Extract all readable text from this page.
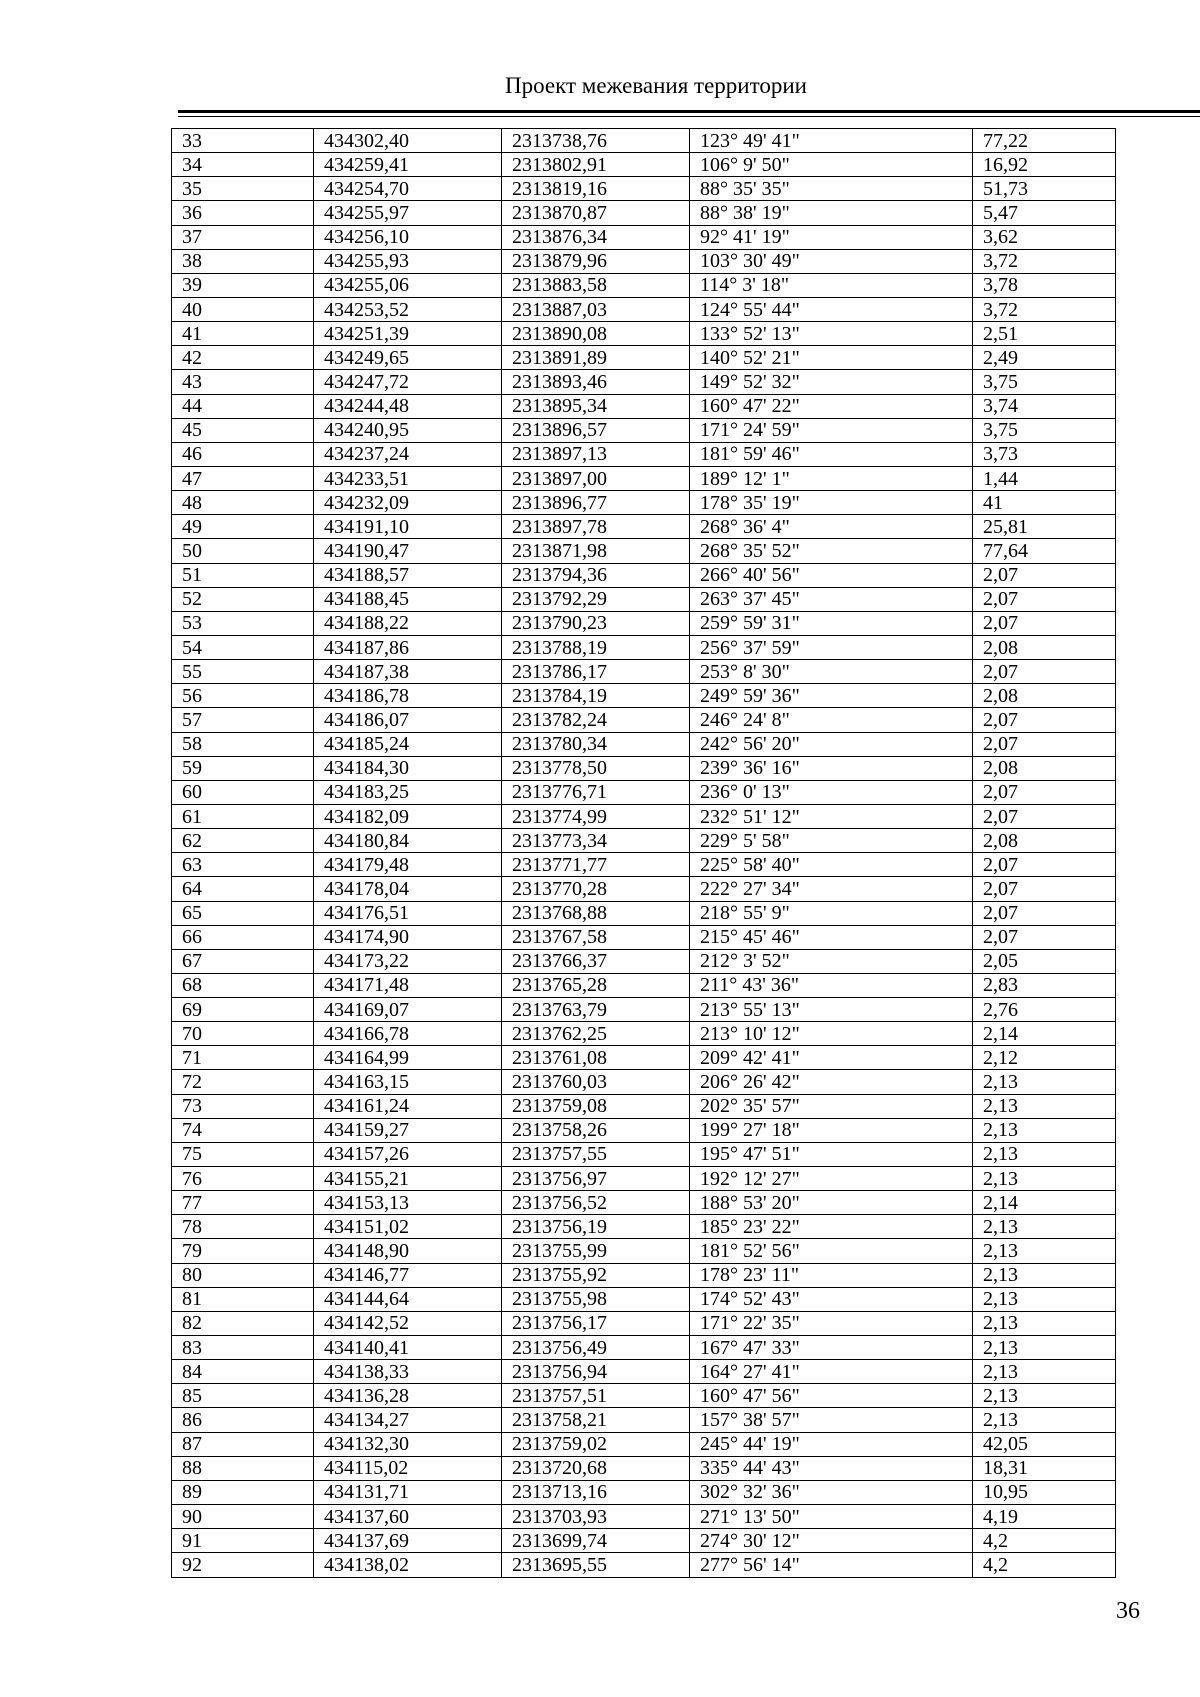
Проект межевания территории
33	434302,40	2313738,76	123° 49' 41"	77,22
34	434259,41	2313802,91	106° 9' 50"	16,92
35	434254,70	2313819,16	88° 35' 35"	51,73
36	434255,97	2313870,87	88° 38' 19"	5,47
37	434256,10	2313876,34	92° 41' 19"	3,62
38	434255,93	2313879,96	103° 30' 49"	3,72
39	434255,06	2313883,58	114° 3' 18"	3,78
40	434253,52	2313887,03	124° 55' 44"	3,72
41	434251,39	2313890,08	133° 52' 13"	2,51
42	434249,65	2313891,89	140° 52' 21"	2,49
43	434247,72	2313893,46	149° 52' 32"	3,75
44	434244,48	2313895,34	160° 47' 22"	3,74
45	434240,95	2313896,57	171° 24' 59"	3,75
46	434237,24	2313897,13	181° 59' 46"	3,73
47	434233,51	2313897,00	189° 12' 1"	1,44
48	434232,09	2313896,77	178° 35' 19"	41
49	434191,10	2313897,78	268° 36' 4"	25,81
50	434190,47	2313871,98	268° 35' 52"	77,64
51	434188,57	2313794,36	266° 40' 56"	2,07
52	434188,45	2313792,29	263° 37' 45"	2,07
53	434188,22	2313790,23	259° 59' 31"	2,07
54	434187,86	2313788,19	256° 37' 59"	2,08
55	434187,38	2313786,17	253° 8' 30"	2,07
56	434186,78	2313784,19	249° 59' 36"	2,08
57	434186,07	2313782,24	246° 24' 8"	2,07
58	434185,24	2313780,34	242° 56' 20"	2,07
59	434184,30	2313778,50	239° 36' 16"	2,08
60	434183,25	2313776,71	236° 0' 13"	2,07
61	434182,09	2313774,99	232° 51' 12"	2,07
62	434180,84	2313773,34	229° 5' 58"	2,08
63	434179,48	2313771,77	225° 58' 40"	2,07
64	434178,04	2313770,28	222° 27' 34"	2,07
65	434176,51	2313768,88	218° 55' 9"	2,07
66	434174,90	2313767,58	215° 45' 46"	2,07
67	434173,22	2313766,37	212° 3' 52"	2,05
68	434171,48	2313765,28	211° 43' 36"	2,83
69	434169,07	2313763,79	213° 55' 13"	2,76
70	434166,78	2313762,25	213° 10' 12"	2,14
71	434164,99	2313761,08	209° 42' 41"	2,12
72	434163,15	2313760,03	206° 26' 42"	2,13
73	434161,24	2313759,08	202° 35' 57"	2,13
74	434159,27	2313758,26	199° 27' 18"	2,13
75	434157,26	2313757,55	195° 47' 51"	2,13
76	434155,21	2313756,97	192° 12' 27"	2,13
77	434153,13	2313756,52	188° 53' 20"	2,14
78	434151,02	2313756,19	185° 23' 22"	2,13
79	434148,90	2313755,99	181° 52' 56"	2,13
80	434146,77	2313755,92	178° 23' 11"	2,13
81	434144,64	2313755,98	174° 52' 43"	2,13
82	434142,52	2313756,17	171° 22' 35"	2,13
83	434140,41	2313756,49	167° 47' 33"	2,13
84	434138,33	2313756,94	164° 27' 41"	2,13
85	434136,28	2313757,51	160° 47' 56"	2,13
86	434134,27	2313758,21	157° 38' 57"	2,13
87	434132,30	2313759,02	245° 44' 19"	42,05
88	434115,02	2313720,68	335° 44' 43"	18,31
89	434131,71	2313713,16	302° 32' 36"	10,95
90	434137,60	2313703,93	271° 13' 50"	4,19
91	434137,69	2313699,74	274° 30' 12"	4,2
92	434138,02	2313695,55	277° 56' 14"	4,2
36
